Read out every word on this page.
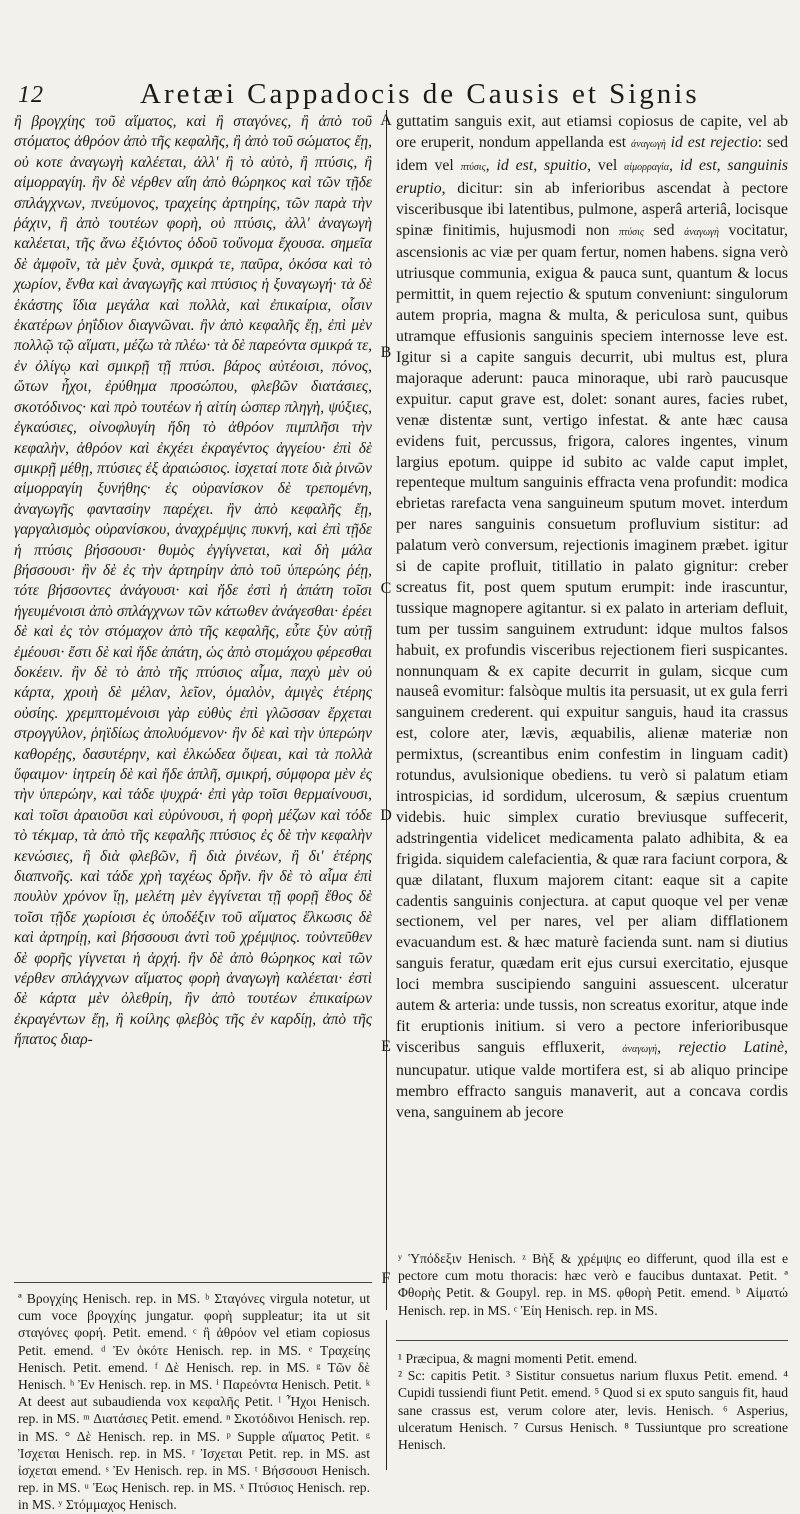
12	Aretæi Cappadocis de Causis et Signis
A
B
C
D
E
F

ἢ βρογχίης τοῦ αἵματος, καὶ ἢ σταγόνες, ἢ ἀπὸ τοῦ στόματος ἀθρόον ἀπὸ τῆς κεφαλῆς, ἢ ἀπὸ τοῦ σώματος ἔῃ, οὐ κοτε ἀναγωγὴ καλέεται, ἀλλ' ἢ τὸ αὐτὸ, ἢ πτύσις, ἢ αἱμορραγίη. ἢν δὲ νέρθεν αἵη ἀπὸ θώρηκος καὶ τῶν τῇδε σπλάγχνων, πνεύμονος, τραχείης ἀρτηρίης, τῶν παρὰ τὴν ῥάχιν, ἢ ἀπὸ τουτέων φορὴ, οὐ πτύσις, ἀλλ' ἀναγωγὴ καλέεται, τῆς ἄνω ἐξιόντος ὁδοῦ τοὔνομα ἔχουσα. σημεῖα δὲ ἀμφοῖν, τὰ μὲν ξυνὰ, σμικρά τε, παῦρα, ὁκόσα καὶ τὸ χωρίον, ἔνθα καὶ ἀναγωγῆς καὶ πτύσιος ἡ ξυναγωγή· τὰ δὲ ἑκάστης ἴδια μεγάλα καὶ πολλὰ, καὶ ἐπικαίρια, οἷσιν ἑκατέρων ῥηΐδιον διαγνῶναι. ἢν ἀπὸ κεφαλῆς ἔῃ, ἐπὶ μὲν πολλῷ τῷ αἵματι, μέζω τὰ πλέω· τὰ δὲ παρεόντα σμικρά τε, ἐν ὀλίγῳ καὶ σμικρῇ τῇ πτύσι. βάρος αὐτέοισι, πόνος, ὤτων ἦχοι, ἐρύθημα προσώπου, φλεβῶν διατάσιες, σκοτόδινος· καὶ πρὸ τουτέων ἡ αἰτίη ὡσπερ πληγὴ, ψύξιες, ἐγκαύσιες, οἰνοφλυγίη ἤδη τὸ ἀθρόον πιμπλῆσι τὴν κεφαλὴν, ἀθρόον καὶ ἐκχέει ἐκραγέντος ἀγγείου· ἐπὶ δὲ σμικρῇ μέθῃ, πτύσιες ἐξ ἀραιώσιος. ἰσχεταί ποτε διὰ ῥινῶν αἱμορραγίη ξυνήθης· ἐς οὐρανίσκον δὲ τρεπομένη, ἀναγωγῆς φαντασίην παρέχει. ἢν ἀπὸ κεφαλῆς ἔῃ, γαργαλισμὸς οὐρανίσκου, ἀναχρέμψις πυκνή, καὶ ἐπὶ τῇδε ἡ πτύσις βήσσουσι· θυμὸς ἐγγίγνεται, καὶ δὴ μάλα βήσσουσι· ἢν δὲ ἐς τὴν ἀρτηρίην ἀπὸ τοῦ ὑπερώης ῥέῃ, τότε βήσσοντες ἀνάγουσι· καὶ ἤδε ἐστὶ ἡ ἀπάτη τοῖσι ἡγευμένοισι ἀπὸ σπλάγχνων τῶν κάτωθεν ἀνάγεσθαι· ἐρέει δὲ καὶ ἐς τὸν στόμαχον ἀπὸ τῆς κεφαλῆς, εὖτε ξὺν αὐτῇ ἐμέουσι· ἔστι δὲ καὶ ἥδε ἀπάτη, ὡς ἀπὸ στομάχου φέρεσθαι δοκέειν. ἢν δὲ τὸ ἀπὸ τῆς πτύσιος αἷμα, παχὺ μὲν οὐ κάρτα, χροιὴ δὲ μέλαν, λεῖον, ὁμαλὸν, ἀμιγὲς ἑτέρης οὐσίης. χρεμπτομένοισι γὰρ εὐθὺς ἐπὶ γλῶσσαν ἔρχεται στρογγύλον, ῥηϊδίως ἀπολυόμενον· ἢν δὲ καὶ τὴν ὑπερώην καθορέῃς, δασυτέρην, καὶ ἑλκώδεα ὄψεαι, καὶ τὰ πολλὰ ὕφαιμον· ἰητρείη δὲ καὶ ἥδε ἁπλῆ, σμικρή, σύμφορα μὲν ἐς τὴν ὑπερώην, καὶ τάδε ψυχρά· ἐπὶ γὰρ τοῖσι θερμαίνουσι, καὶ τοῖσι ἀραιοῦσι καὶ εὐρύνουσι, ἡ φορὴ μέζων καὶ τόδε τὸ τέκμαρ, τὰ ἀπὸ τῆς κεφαλῆς πτύσιος ἐς δὲ τὴν κεφαλὴν κενώσιες, ἢ διὰ φλεβῶν, ἢ διὰ ῥινέων, ἢ δι' ἑτέρης διαπνοῆς. καὶ τάδε χρὴ ταχέως δρῆν. ἢν δὲ τὸ αἷμα ἐπὶ πουλὺν χρόνον ἴῃ, μελέτη μὲν ἐγγίνεται τῇ φορῇ ἔθος δὲ τοῖσι τῇδε χωρίοισι ἐς ὑποδέξιν τοῦ αἵματος ἕλκωσις δὲ καὶ ἀρτηρίῃ, καὶ βήσσουσι ἀντὶ τοῦ χρέμψιος. τοὐντεῦθεν δὲ φορῆς γίγνεται ἡ ἀρχή. ἢν δὲ ἀπὸ θώρηκος καὶ τῶν νέρθεν σπλάγχνων αἵματος φορὴ ἀναγωγὴ καλέεται· ἐστὶ δὲ κάρτα μὲν ὀλεθρίη, ἢν ἀπὸ τουτέων ἐπικαίρων ἐκραγέντων ἔῃ, ἢ κοίλης φλεβὸς τῆς ἐν καρδίῃ, ἀπὸ τῆς ἥπατος διαρ-

guttatim sanguis exit, aut etiamsi copiosus de capite, vel ab ore eruperit, nondum appellanda est ἀναγωγὴ id est rejectio: sed idem vel πτύσις, id est, spuitio, vel αἱμορραγία, id est, sanguinis eruptio, dicitur: sin ab inferioribus ascendat à pectore visceribusque ibi latentibus, pulmone, asperâ arteriâ, locisque spinæ finitimis, hujusmodi non πτύσις sed ἀναγωγὴ vocitatur, ascensionis ac viæ per quam fertur, nomen habens. signa verò utriusque communia, exigua & pauca sunt, quantum & locus permittit, in quem rejectio & sputum conveniunt: singulorum autem propria, magna & multa, & periculosa sunt, quibus utramque effusionis sanguinis speciem internosse leve est. Igitur si a capite sanguis decurrit, ubi multus est, plura majoraque aderunt: pauca minoraque, ubi rarò paucusque expuitur. caput grave est, dolet: sonant aures, facies rubet, venæ distentæ sunt, vertigo infestat. & ante hæc causa evidens fuit, percussus, frigora, calores ingentes, vinum largius epotum. quippe id subito ac valde caput implet, repenteque multum sanguinis effracta vena profundit: modica ebrietas rarefacta vena sanguineum sputum movet. interdum per nares sanguinis consuetum profluvium sistitur: ad palatum verò conversum, rejectionis imaginem præbet. igitur si de capite profluit, titillatio in palato gignitur: creber screatus fit, post quem sputum erumpit: inde irascuntur, tussique magnopere agitantur. si ex palato in arteriam defluit, tum per tussim sanguinem extrudunt: idque multos falsos habuit, ex profundis visceribus rejectionem fieri suspicantes. nonnunquam & ex capite decurrit in gulam, sicque cum nauseâ evomitur: falsòque multis ita persuasit, ut ex gula ferri sanguinem crederent. qui expuitur sanguis, haud ita crassus est, colore ater, lævis, æquabilis, alienæ materiæ non permixtus, (screantibus enim confestim in linguam cadit) rotundus, avulsionique obediens. tu verò si palatum etiam introspicias, id sordidum, ulcerosum, & sæpius cruentum videbis. huic simplex curatio breviusque suffecerit, adstringentia videlicet medicamenta palato adhibita, & ea frigida. siquidem calefacientia, & quæ rara faciunt corpora, & quæ dilatant, fluxum majorem citant: eaque sit a capite cadentis sanguinis conjectura. at caput quoque vel per venæ sectionem, vel per nares, vel per aliam difflationem evacuandum est. & hæc maturè facienda sunt. nam si diutius sanguis feratur, quædam erit ejus cursui exercitatio, ejusque loci membra suscipiendo sanguini assuescent. ulceratur autem & arteria: unde tussis, non screatus exoritur, atque inde fit eruptionis initium. si vero a pectore inferioribusque visceribus sanguis effluxerit, ἀναγωγὴ, rejectio Latinè, nuncupatur. utique valde mortifera est, si ab aliquo principe membro effracto sanguis manaverit, aut a concava cordis vena, sanguinem ab jecore

ª Βρογχίης Henisch. rep. in MS. ᵇ Σταγόνες virgula notetur, ut cum voce βρογχίης jungatur. φορὴ suppleatur; ita ut sit σταγόνες φορή. Petit. emend. ᶜ ἢ ἀθρόον vel etiam copiosus Petit. emend. ᵈ Ἐν ὁκότε Henisch. rep. in MS. ᵉ Τραχείης Henisch. Petit. emend. ᶠ Δὲ Henisch. rep. in MS. ᵍ Τῶν δὲ Henisch. ʰ Ἐν Henisch. rep. in MS. ⁱ Παρεόντα Henisch. Petit. ᵏ At deest aut subaudienda vox κεφαλῆς Petit. ˡ Ἦχοι Henisch. rep. in MS. ᵐ Διατάσιες Petit. emend. ⁿ Σκοτόδινοι Henisch. rep. in MS. ° Δὲ Henisch. rep. in MS. ᵖ Supple αἵματος Petit. ᵍ Ἰσχεται Henisch. rep. in MS. ʳ Ἰσχεται Petit. rep. in MS. ast ἰσχεται emend. ˢ Ἐν Henisch. rep. in MS. ᵗ Βήσσουσι Henisch. rep. in MS. ᵘ Ἐως Henisch. rep. in MS. ˣ Πτύσιος Henisch. rep. in MS. ʸ Στόμμαχος Henisch.

ʸ Ὑπόδεξιν Henisch. ᶻ Βὴξ & χρέμψις eo differunt, quod illa est e pectore cum motu thoracis: hæc verò e faucibus duntaxat. Petit. ª Φθορὴς Petit. & Goupyl. rep. in MS. φθορὴ Petit. emend. ᵇ Αἱματώ Henisch. rep. in MS. ᶜ Ἐίη Henisch. rep. in MS.

¹ Præcipua, & magni momenti Petit. emend.

² Sc: capitis Petit. ³ Sistitur consuetus narium fluxus Petit. emend. ⁴ Cupidi tussiendi fiunt Petit. emend. ⁵ Quod si ex sputo sanguis fit, haud sane crassus est, verum colore ater, levis. Henisch. ⁶ Asperius, ulceratum Henisch. ⁷ Cursus Henisch. ⁸ Tussiuntque pro screatione Henisch.
